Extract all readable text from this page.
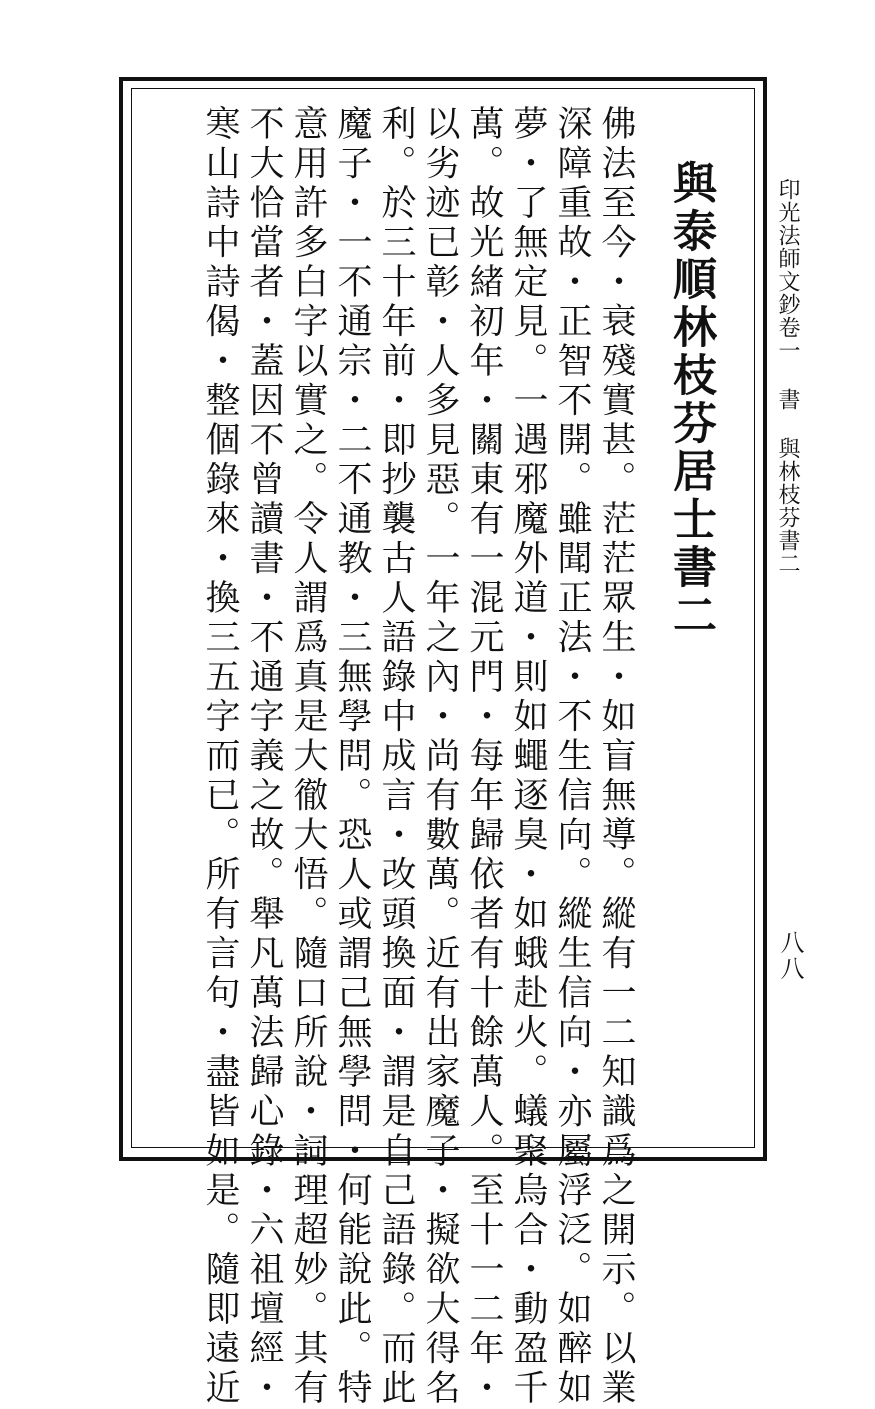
印光法師文鈔卷一書與林枝芬書二
八八
與泰順林枝芬居士書二
佛法至今・衰殘實甚。茫茫眾生・如盲無導。縱有一二知識爲之開示。以業
深障重故・正智不開。雖聞正法・不生信向。縱生信向・亦屬浮泛。如醉如
夢・了無定見。一遇邪魔外道・則如蠅逐臭・如蛾赴火。蟻聚烏合・動盈千
萬。故光緒初年・關東有一混元門・每年歸依者有十餘萬人。至十一二年・
以劣迹已彰・人多見惡。一年之內・尚有數萬。近有出家魔子・擬欲大得名
利。於三十年前・即抄襲古人語錄中成言・改頭換面・謂是自己語錄。而此
魔子・一不通宗・二不通教・三無學問。恐人或謂己無學問・何能說此。特
意用許多白字以實之。令人謂爲真是大徹大悟。隨口所說・詞理超妙。其有
不大恰當者・蓋因不曾讀書・不通字義之故。舉凡萬法歸心錄・六祖壇經・
寒山詩中詩偈・整個錄來・換三五字而已。所有言句・盡皆如是。隨即遠近
